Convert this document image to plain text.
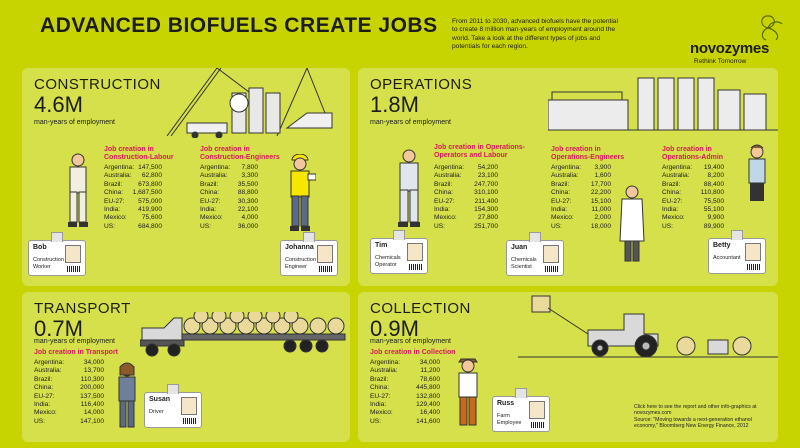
ADVANCED BIOFUELS CREATE JOBS From 2011 to 2030, advanced biofuels have the potential to create 8 million man-years of employment around the world. Take a look at the different types of jobs and potentials for each region.	novozymes
Rethink Tomorrow
CONSTRUCTION
4.6M
man-years of employment
Job creation in Construction-Labour
Argentina: 147,500
Australia: 62,800
Brazil: 673,800
China: 1,687,500
EU-27: 575,000
India:	419,900
Mexico: 75,600
US:	684,800
Job creation in Construction-Engineers
Argentina: 7,800
Australia: 3,300
Brazil:	35,500
China:	88,800
EU-27:	30,300
India:	22,100
Mexico:	4,000
US:	36,000
Bob
Construction Worker
Johanna
Construction Engineer
OPERATIONS
1.8M
man-years of employment
Job creation in Operations-Operators and Labour
Argentina: 54,200
Australia: 23,100
Brazil:	247,700
China:	310,100
EU-27:	211,400
India:	154,300
Mexico:	27,800
US:	251,700
Job creation in Operations-Engineers
Argentina: 3,900
Australia: 1,600
Brazil:	17,700
China:	22,200
EU-27:	15,100
India:	11,000
Mexico:	2,000
US:	18,000
Job creation in Operations-Admin
Argentina: 19,400
Australia:	8,200
Brazil:	88,400
China:	110,800
EU-27:	75,500
India:	55,100
Mexico:	9,900
US:	89,900
Tim
Chemicals Operator
Juan
Chemicals Scientist
Betty
Accountant
TRANSPORT
0.7M
man-years of employment
Job creation in Transport
Argentina:	34,000
Australia:	13,700
Brazil:	110,300
China:	200,000
EU-27:	137,500
India:	116,400
Mexico:	14,000
US:	147,100
Susan
Driver
COLLECTION
0.9M
man-years of employment
Job creation in Collection
Argentina:	34,000
Australia:	11,200
Brazil:	78,600
China:	445,800
EU-27:	132,800
India:	129,400
Mexico:	16,400
US:	141,600
Russ
Farm Employee
Click here to see the report and other info-graphics at novozymes.com
Source: "Moving towards a next-generation ethanol economy," Bloomberg New Energy Finance, 2012
